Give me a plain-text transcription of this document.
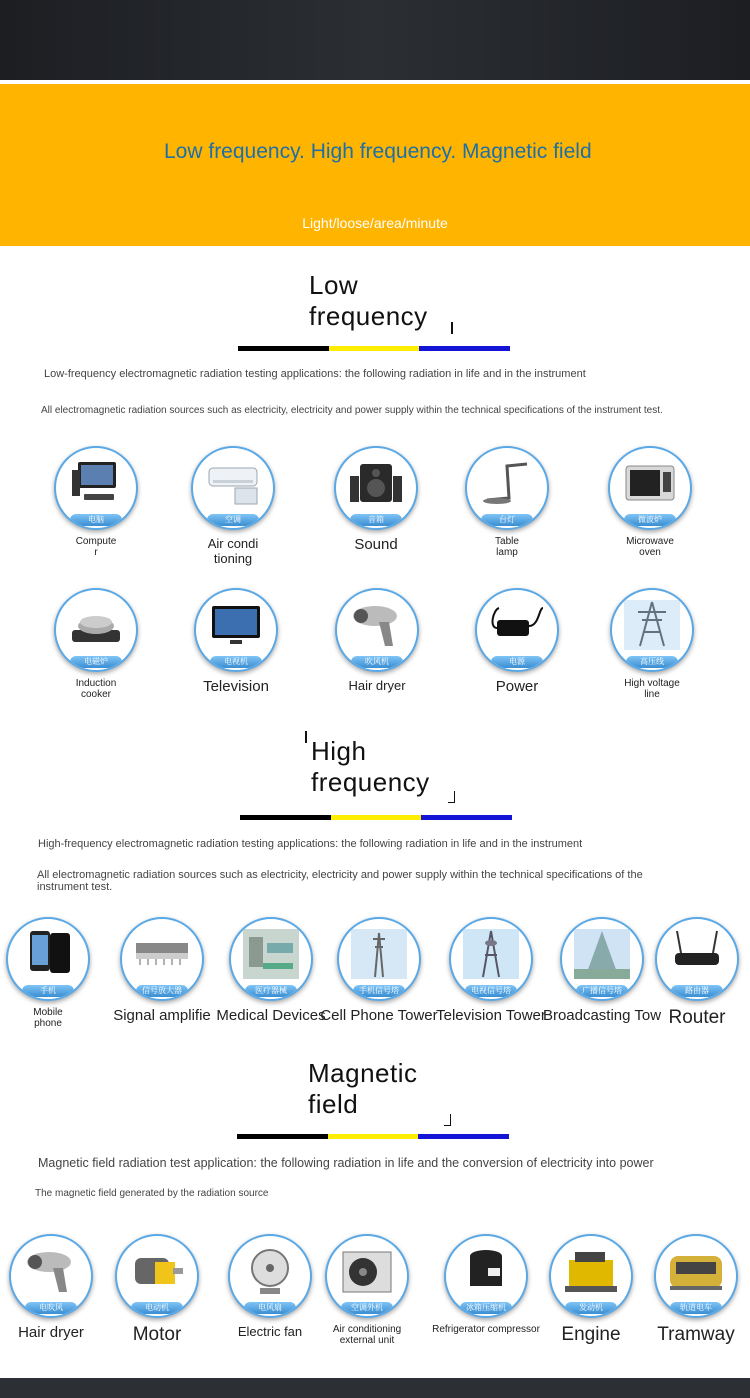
Low frequency. High frequency. Magnetic field
Light/loose/area/minute
Low
frequency
Low-frequency electromagnetic radiation testing applications: the following radiation in life and in the instrument
All electromagnetic radiation sources such as electricity, electricity and power supply within the technical specifications of the instrument test.
High
frequency
High-frequency electromagnetic radiation testing applications: the following radiation in life and in the instrument
All electromagnetic radiation sources such as electricity, electricity and power supply within the technical specifications of the instrument test.
Magnetic
field
Magnetic field radiation test application: the following radiation in life and the conversion of electricity into power
The magnetic field generated by the radiation source
电脑
Compute
r
空调
Air condi
tioning
音箱
Sound
台灯
Table
lamp
微波炉
Microwave
oven
电磁炉
Induction
cooker
电视机
Television
吹风机
Hair dryer
电源
Power
高压线
High voltage
line
手机
Mobile
phone
信号放大器
Signal amplifie
医疗器械
Medical Devices
手机信号塔
Cell Phone Tower
电视信号塔
Television Tower
广播信号塔
Broadcasting Tow
路由器
Router
电吹风
Hair dryer
电动机
Motor
电风扇
Electric fan
空调外机
Air conditioning
external unit
冰箱压缩机
Refrigerator compressor
发动机
Engine
轨道电车
Tramway
